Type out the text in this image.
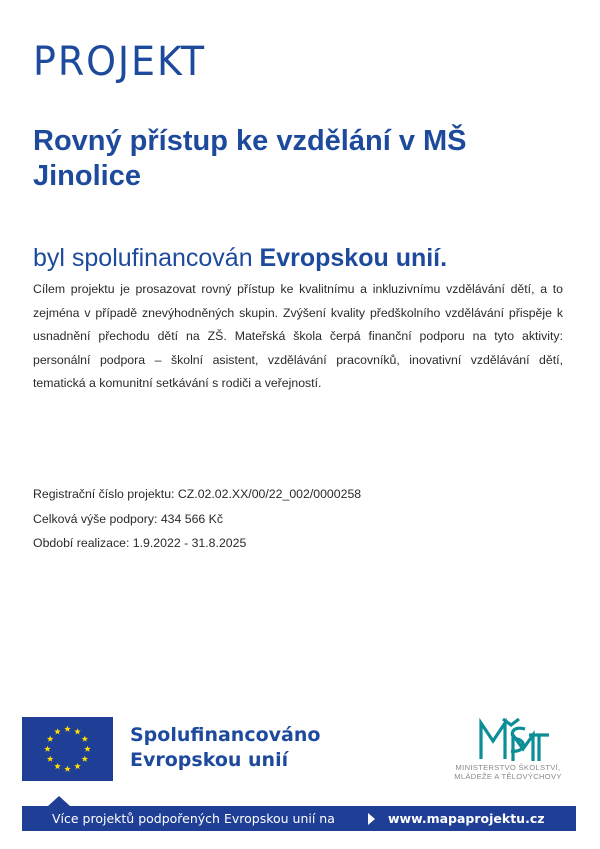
PROJEKT
Rovný přístup ke vzdělání v MŠ Jinolice
byl spolufinancován Evropskou unií.
Cílem projektu je prosazovat rovný přístup ke kvalitnímu a inkluzivnímu vzdělávání dětí, a to zejména v případě znevýhodněných skupin. Zvýšení kvality předškolního vzdělávání přispěje k usnadnění přechodu dětí na ZŠ. Mateřská škola čerpá finanční podporu na tyto aktivity: personální podpora – školní asistent, vzdělávání pracovníků, inovativní vzdělávání dětí, tematická a komunitní setkávání s rodiči a veřejností.
Registrační číslo projektu: CZ.02.02.XX/00/22_002/0000258
Celková výše podpory: 434 566 Kč
Období realizace: 1.9.2022 - 31.8.2025
Spolufinancováno
Evropskou unií	MINISTERSTVO ŠKOLSTVÍ,
MLÁDEŽE A TĚLOVÝCHOVY
Více projektů podpořených Evropskou unií na	www.mapaprojektu.cz
